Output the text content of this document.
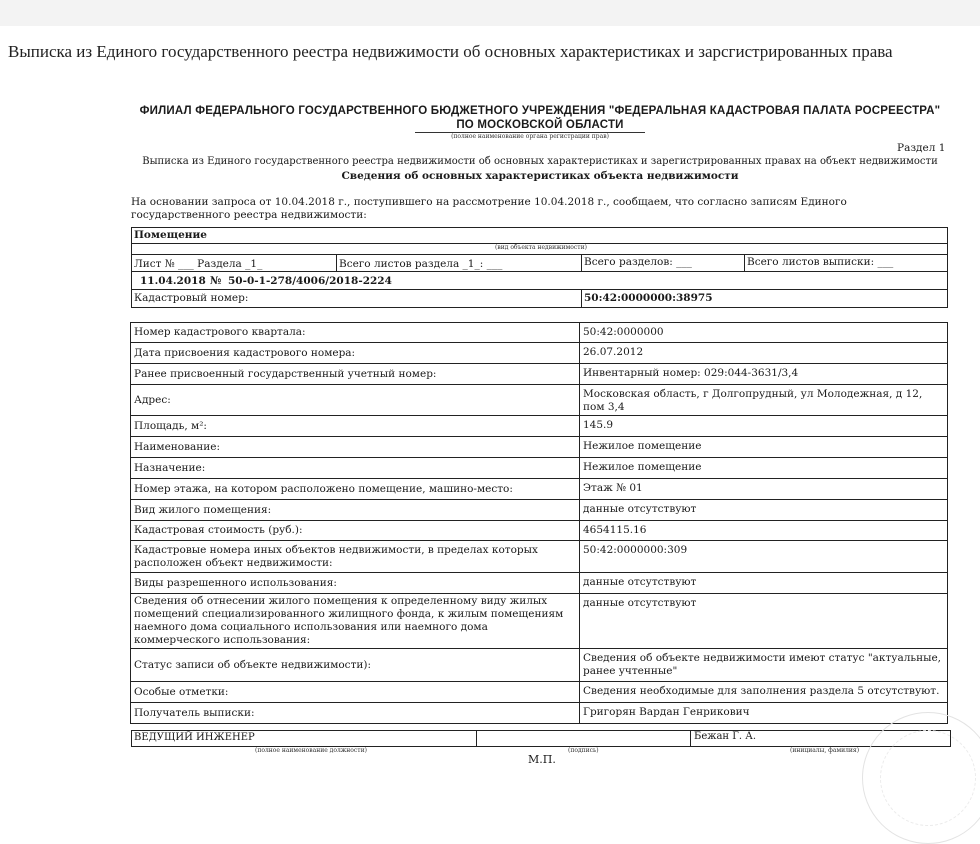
Выписка из Единого государственного реестра недвижимости об основных характеристиках и зарсгистрированных права
ФИЛИАЛ ФЕДЕРАЛЬНОГО ГОСУДАРСТВЕННОГО БЮДЖЕТНОГО УЧРЕЖДЕНИЯ "ФЕДЕРАЛЬНАЯ КАДАСТРОВАЯ ПАЛАТА РОСРЕЕСТРА"
ПО МОСКОВСКОЙ ОБЛАСТИ
(полное наименование органа регистрации прав)
Раздел 1
Выписка из Единого государственного реестра недвижимости об основных характеристиках и зарегистрированных правах на объект недвижимости
Сведения об основных характеристиках объекта недвижимости
На основании запроса от 10.04.2018 г., поступившего на рассмотрение 10.04.2018 г., сообщаем, что согласно записям Единого государственного реестра недвижимости:
Помещение
(вид объекта недвижимости)
Лист № ___ Раздела _1_	Всего листов раздела _1_: ___	Всего разделов: ___	Всего листов выписки: ___
11.04.2018 № 50-0-1-278/4006/2018-2224
Кадастровый номер:	50:42:0000000:38975
Номер кадастрового квартала:	50:42:0000000
Дата присвоения кадастрового номера:	26.07.2012
Ранее присвоенный государственный учетный номер:	Инвентарный номер: 029:044-3631/3,4
Адрес:	Московская область, г Долгопрудный, ул Молодежная, д 12, пом 3,4
Площадь, м²:	145.9
Наименование:	Нежилое помещение
Назначение:	Нежилое помещение
Номер этажа, на котором расположено помещение, машино-место:	Этаж № 01
Вид жилого помещения:	данные отсутствуют
Кадастровая стоимость (руб.):	4654115.16
Кадастровые номера иных объектов недвижимости, в пределах которых расположен объект недвижимости:	50:42:0000000:309
Виды разрешенного использования:	данные отсутствуют
Сведения об отнесении жилого помещения к определенному виду жилых помещений специализированного жилищного фонда, к жилым помещениям наемного дома социального использования или наемного дома коммерческого использования:	данные отсутствуют
Статус записи об объекте недвижимости):	Сведения об объекте недвижимости имеют статус "актуальные, ранее учтенные"
Особые отметки:	Сведения необходимые для заполнения раздела 5 отсутствуют.
Получатель выписки:	Григорян Вардан Генрикович
ВЕДУЩИЙ ИНЖЕНЕР	Бежан Г. А.
(полное наименование должности)	(подпись)	(инициалы, фамилия)
М.П.
